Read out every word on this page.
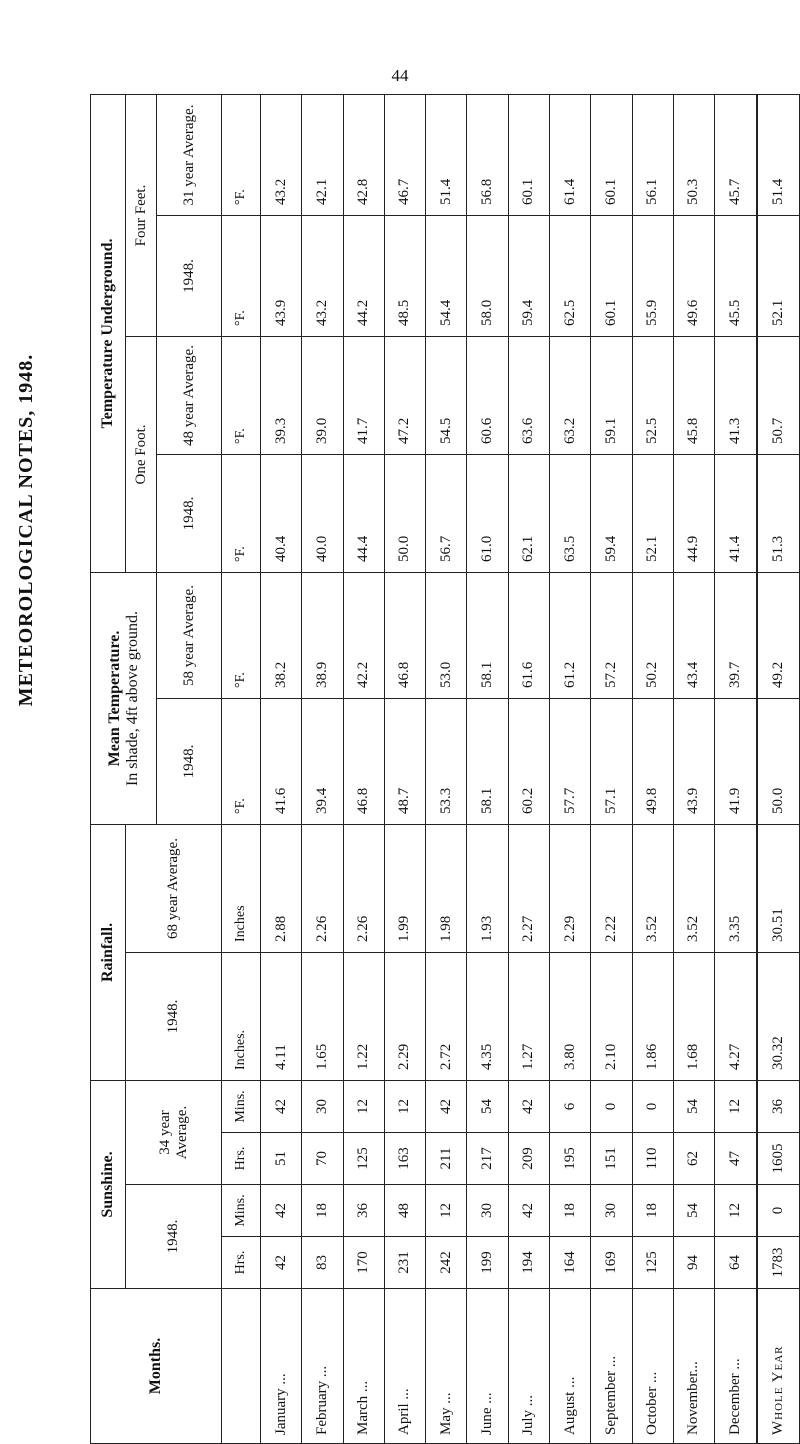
44
METEOROLOGICAL NOTES, 1948.
Months.	Sunshine.				Rainfall.		Mean Temperature. In shade, 4ft above ground.		Temperature Underground.			
	1948.		34 year Average.		1948.	68 year Average.			One Foot.		Four Feet.	
							1948.	58 year Average.	1948.	48 year Average.	1948.	31 year Average.
	Hrs.	Mins.	Hrs.	Mins.	Inches.	Inches	°F.	°F.	°F.	°F.	°F.	°F.
January ...	42	42	51	42	4.11	2.88	41.6	38.2	40.4	39.3	43.9	43.2
February ...	83	18	70	30	1.65	2.26	39.4	38.9	40.0	39.0	43.2	42.1
March ...	170	36	125	12	1.22	2.26	46.8	42.2	44.4	41.7	44.2	42.8
April ...	231	48	163	12	2.29	1.99	48.7	46.8	50.0	47.2	48.5	46.7
May ...	242	12	211	42	2.72	1.98	53.3	53.0	56.7	54.5	54.4	51.4
June ...	199	30	217	54	4.35	1.93	58.1	58.1	61.0	60.6	58.0	56.8
July ...	194	42	209	42	1.27	2.27	60.2	61.6	62.1	63.6	59.4	60.1
August ...	164	18	195	6	3.80	2.29	57.7	61.2	63.5	63.2	62.5	61.4
September ...	169	30	151	0	2.10	2.22	57.1	57.2	59.4	59.1	60.1	60.1
October ...	125	18	110	0	1.86	3.52	49.8	50.2	52.1	52.5	55.9	56.1
November...	94	54	62	54	1.68	3.52	43.9	43.4	44.9	45.8	49.6	50.3
December ...	64	12	47	12	4.27	3.35	41.9	39.7	41.4	41.3	45.5	45.7
Whole Year	1783	0	1605	36	30.32	30.51	50.0	49.2	51.3	50.7	52.1	51.4
